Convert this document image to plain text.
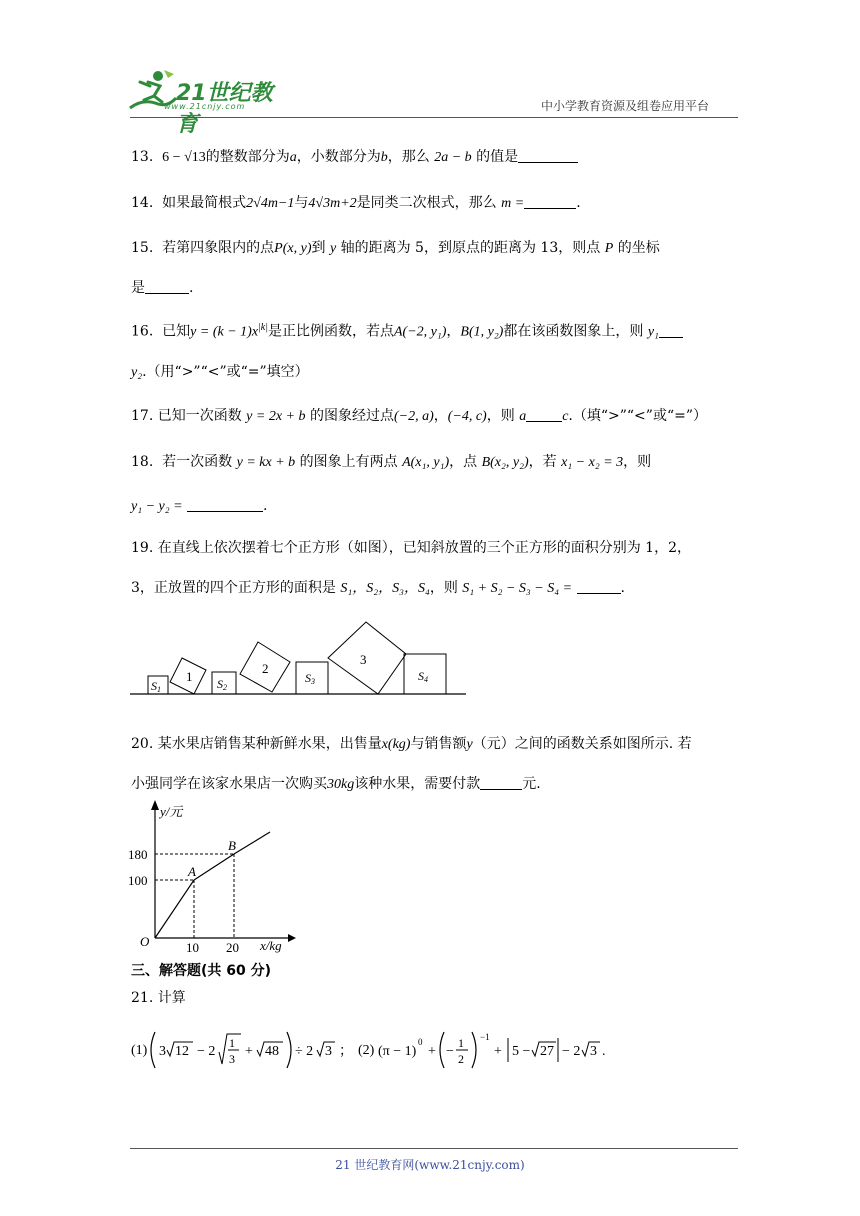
21世纪教育
www.21cnjy.com	中小学教育资源及组卷应用平台
13. 6 − √13的整数部分为a，小数部分为b，那么 2a − b 的值是
14. 如果最简根式2√4m−1与4√3m+2是同类二次根式，那么 m =	.
15. 若第四象限内的点P(x, y)到 y 轴的距离为 5，到原点的距离为 13，则点 P 的坐标
是	.
16. 已知$y = (k - 1)x^{|k|}$是正比例函数，若点A(−2, y₁)，B(1, y₂)都在该函数图象上，则 y₁
y₂.（用“>”“<”或“=”填空）
17. 已知一次函数 y = 2x + b 的图象经过点(−2, a)，(−4, c)，则 a	c.（填“>”“<”或“=”）
18. 若一次函数 y = kx + b 的图象上有两点 A(x₁, y₁)，点 B(x₂, y₂)，若 x₁ − x₂ = 3，则
y₁ − y₂ =	.
19. 在直线上依次摆着七个正方形（如图），已知斜放置的三个正方形的面积分别为 1，2，
3，正放置的四个正方形的面积是 S₁，S₂，S₃，S₄，则 S₁ + S₂ − S₃ − S₄ =	.
1
2
3
S1	S2
S3	S4
20. 某水果店销售某种新鲜水果，出售量x(kg)与销售额y（元）之间的函数关系如图所示. 若
小强同学在该家水果店一次购买30kg该种水果，需要付款	元.
y/元
x/kg
O
180
100
10 20
A
B
三、解答题(共 60 分)
21. 计算
(1) 3 12 − 2
1
3 + 48 ÷ 2 3 ； (2) (π − 1)
0
+ −
1
2
−1
+ 5 − 27 − 2 3 .
21 世纪教育网(www.21cnjy.com)
